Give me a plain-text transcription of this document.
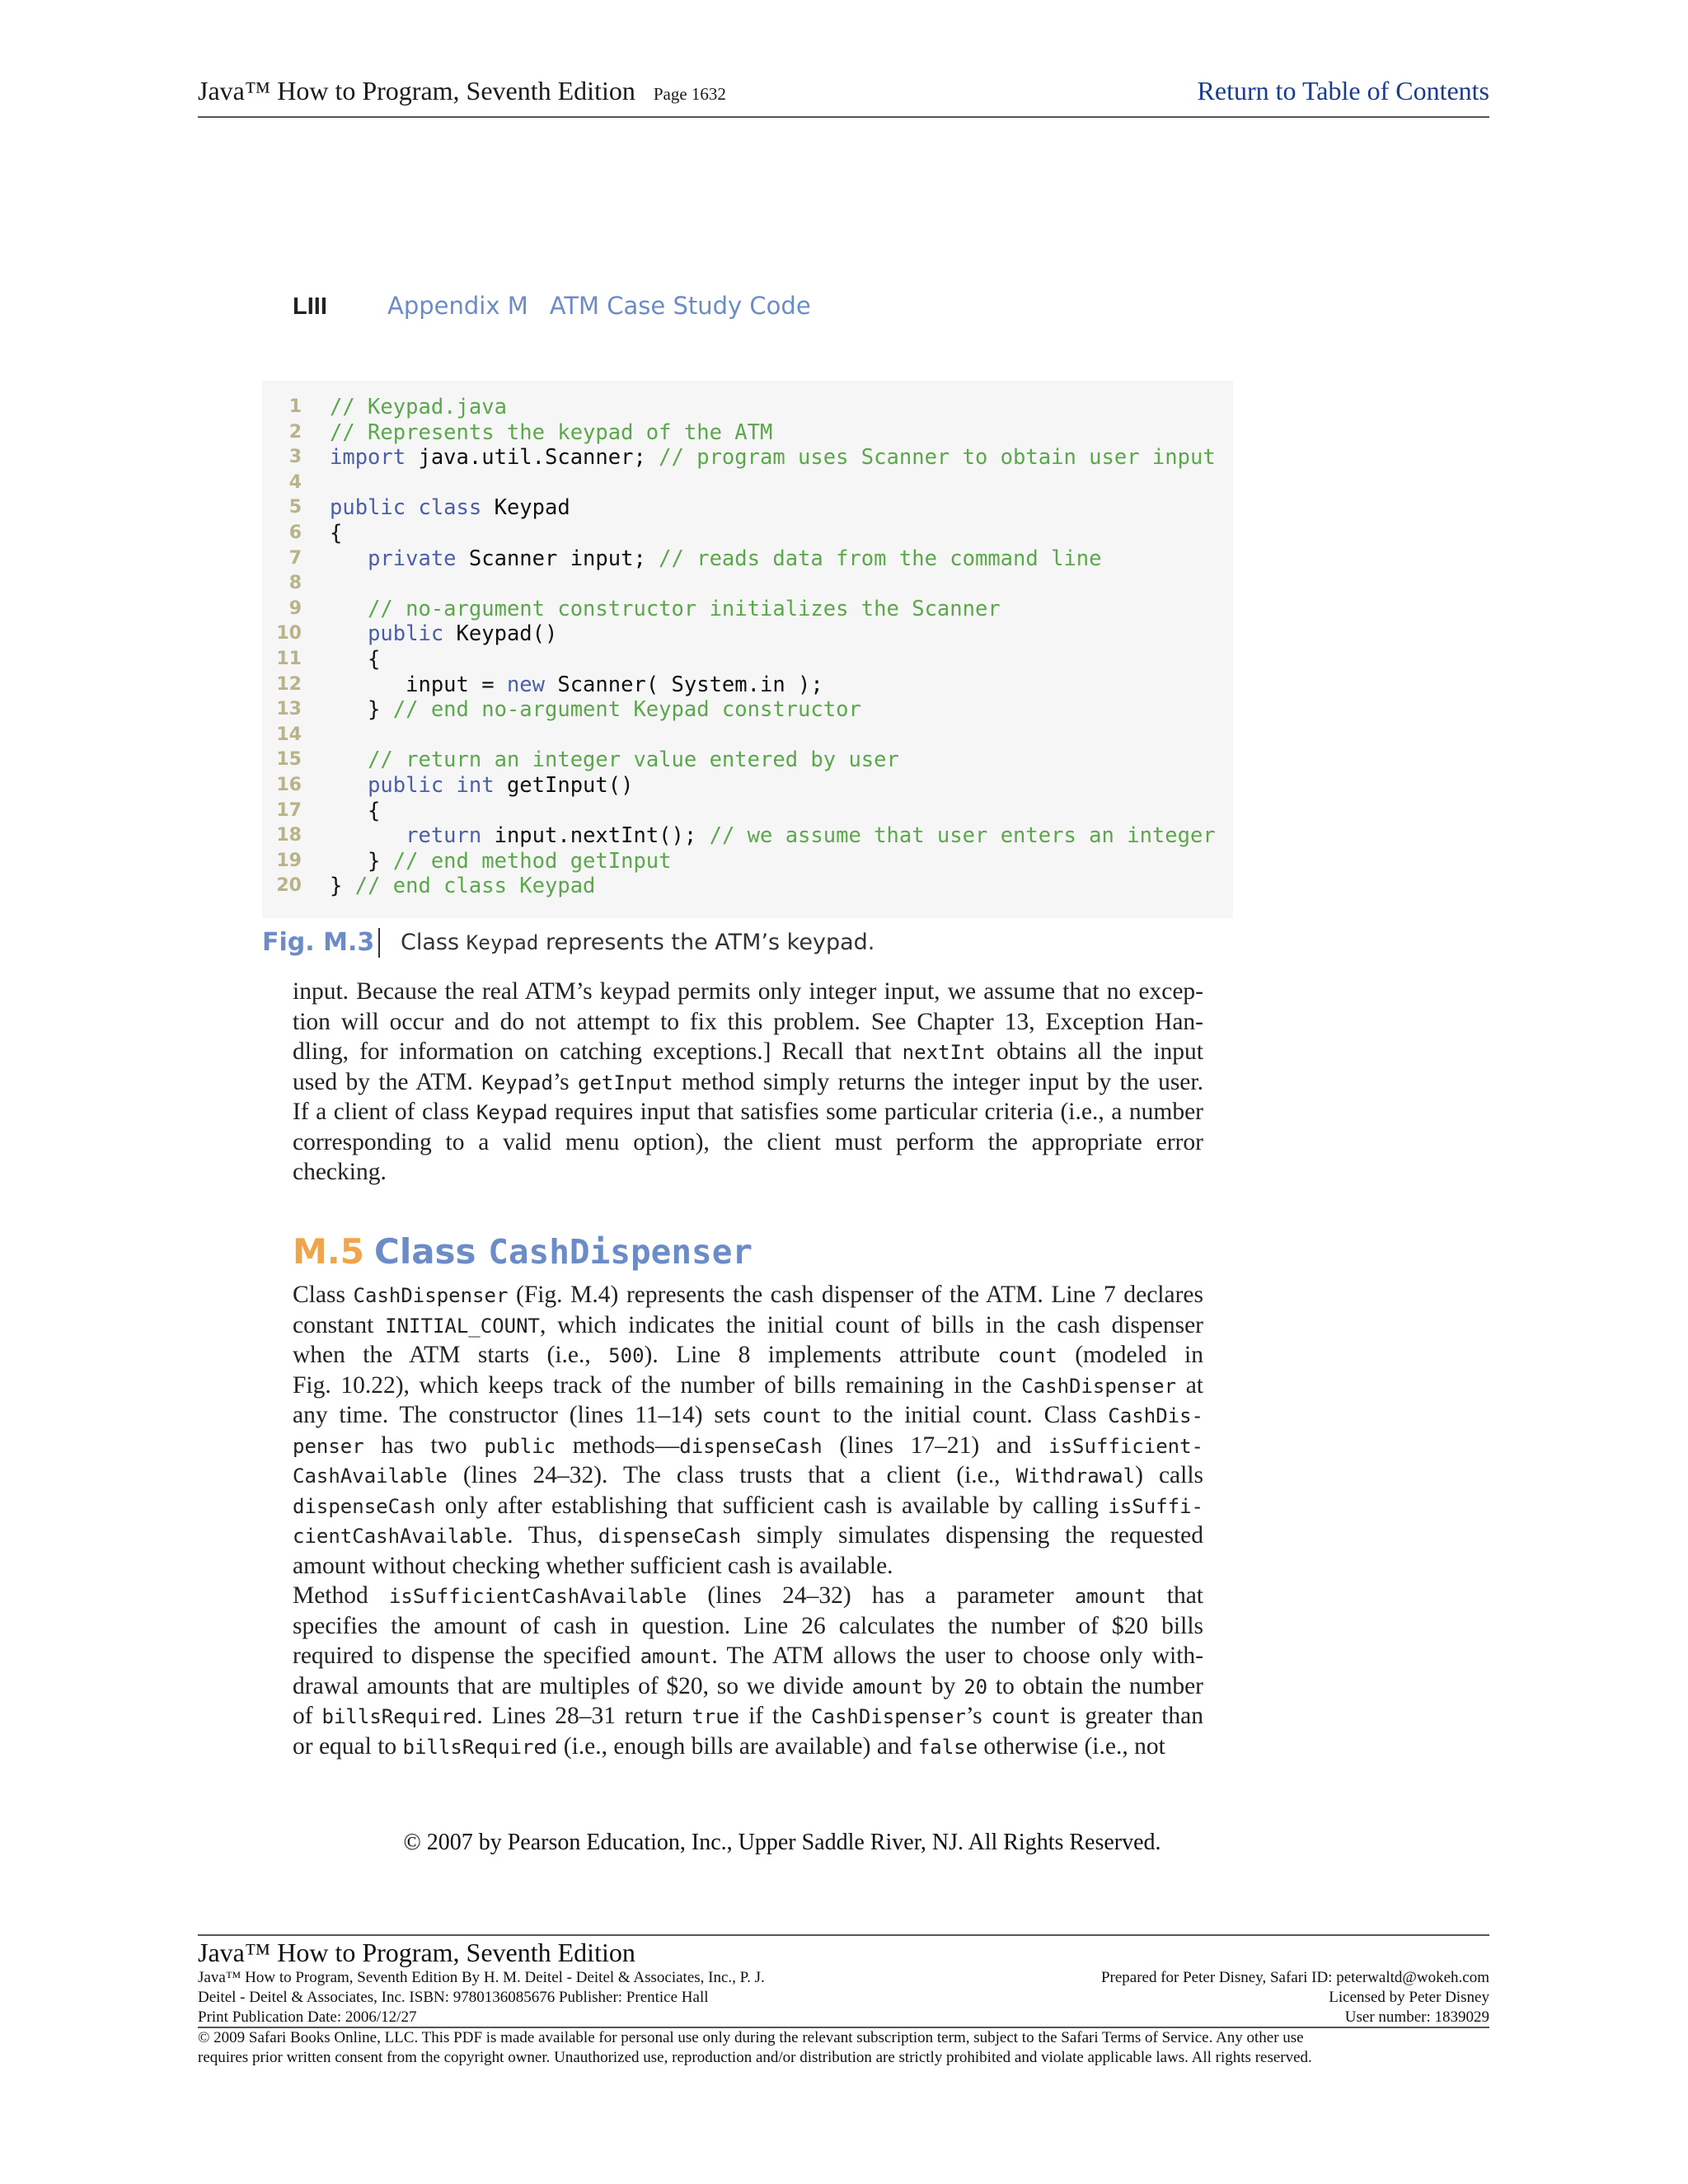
Java™ How to Program, Seventh Edition Page 1632	Return to Table of Contents
LIII	Appendix M ATM Case Study Code
1 // Keypad.java
2 // Represents the keypad of the ATM
3 import java.util.Scanner; // program uses Scanner to obtain user input
4
5 public class Keypad
6 {
7	private Scanner input; // reads data from the command line
8
9	// no-argument constructor initializes the Scanner
10	public Keypad()
11   {
12      input = new Scanner( System.in );
13   } // end no-argument Keypad constructor
14
15	// return an integer value entered by user
16	public int getInput()
17   {
18	return input.nextInt(); // we assume that user enters an integer
19   } // end method getInput
20 } // end class Keypad
Fig. M.3 Class Keypad represents the ATM’s keypad.
input. Because the real ATM’s keypad permits only integer input, we assume that no excep-
tion will occur and do not attempt to fix this problem. See Chapter 13, Exception Han-
dling, for information on catching exceptions.] Recall that nextInt obtains all the input
used by the ATM. Keypad’s getInput method simply returns the integer input by the user.
If a client of class Keypad requires input that satisfies some particular criteria (i.e., a number
corresponding to a valid menu option), the client must perform the appropriate error
checking.
M.5 Class CashDispenser
Class CashDispenser (Fig. M.4) represents the cash dispenser of the ATM. Line 7 declares
constant INITIAL_COUNT, which indicates the initial count of bills in the cash dispenser
when the ATM starts (i.e., 500). Line 8 implements attribute count (modeled in
Fig. 10.22), which keeps track of the number of bills remaining in the CashDispenser at
any time. The constructor (lines 11–14) sets count to the initial count. Class CashDis-
penser has two public methods—dispenseCash (lines 17–21) and isSufficient-
CashAvailable (lines 24–32). The class trusts that a client (i.e., Withdrawal) calls
dispenseCash only after establishing that sufficient cash is available by calling isSuffi-
cientCashAvailable. Thus, dispenseCash simply simulates dispensing the requested
amount without checking whether sufficient cash is available.
Method isSufficientCashAvailable (lines 24–32) has a parameter amount that
specifies the amount of cash in question. Line 26 calculates the number of $20 bills
required to dispense the specified amount. The ATM allows the user to choose only with-
drawal amounts that are multiples of $20, so we divide amount by 20 to obtain the number
of billsRequired. Lines 28–31 return true if the CashDispenser’s count is greater than
or equal to billsRequired (i.e., enough bills are available) and false otherwise (i.e., not
© 2007 by Pearson Education, Inc., Upper Saddle River, NJ. All Rights Reserved.
Java™ How to Program, Seventh Edition
Java™ How to Program, Seventh Edition By H. M. Deitel - Deitel & Associates, Inc., P. J.
Deitel - Deitel & Associates, Inc. ISBN: 9780136085676 Publisher: Prentice Hall
Print Publication Date: 2006/12/27
Prepared for Peter Disney, Safari ID: peterwaltd@wokeh.com
Licensed by Peter Disney
User number: 1839029
© 2009 Safari Books Online, LLC. This PDF is made available for personal use only during the relevant subscription term, subject to the Safari Terms of Service. Any other use
requires prior written consent from the copyright owner. Unauthorized use, reproduction and/or distribution are strictly prohibited and violate applicable laws. All rights reserved.
